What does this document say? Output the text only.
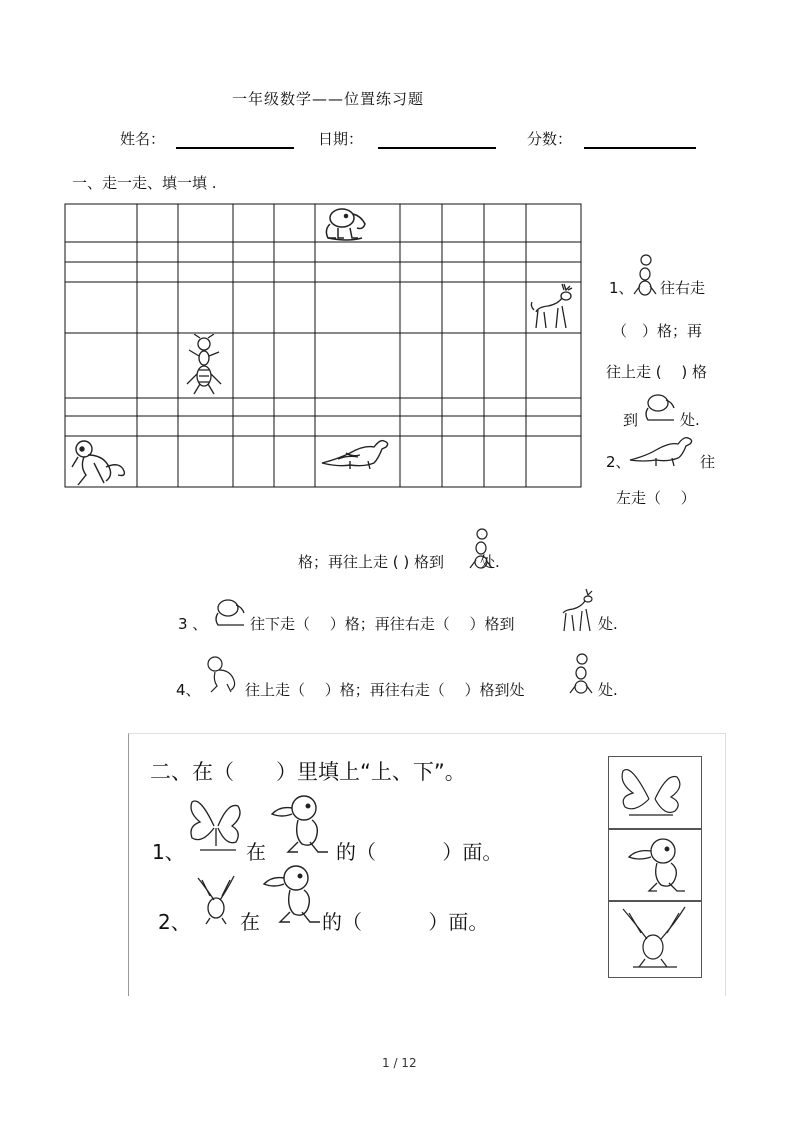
一年级数学——位置练习题
姓名：	日期：	分数：
一、走一走、填一填 .
1、 往右走
（　）格；再
往上走 (　 ) 格
到	处.
2、	往
左走（　 ）
格；再往上走 ( ) 格到 处.
3 、	往下走（　 ）格；再往右走（　 ）格到	处.
4、	往上走（　 ）格；再往右走（　 ）格到处	处.
二、在（　　）里填上“上、下”。
1、	在	的（　　　 ）面。
2、 在	的（　　　 ）面。
1 / 12
